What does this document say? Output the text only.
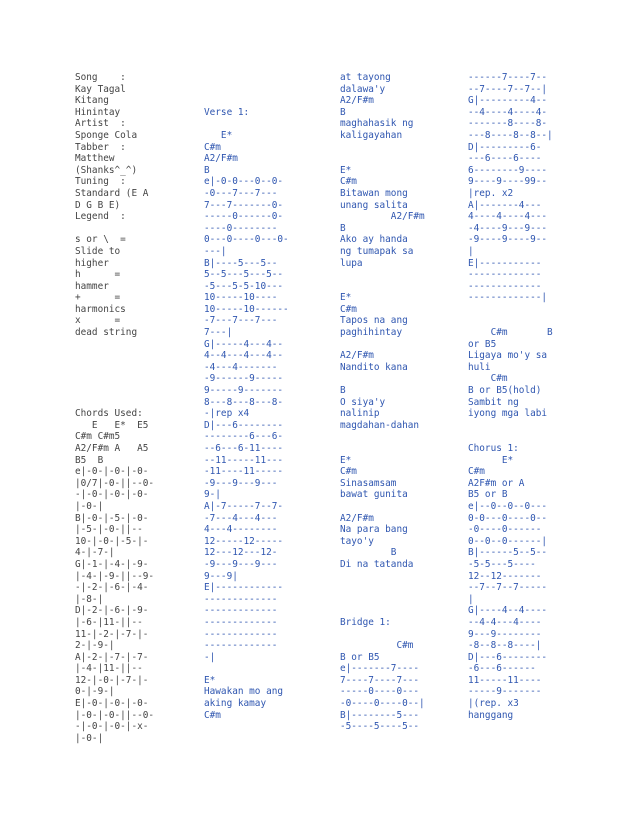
Song    :
Kay Tagal
Kitang
Hinintay
Artist  :
Sponge Cola
Tabber  :
Matthew
(Shanks^_^)
Tuning  :
Standard (E A
D G B E)
Legend  :
s or \  =
Slide to
higher
h      =
hammer
+      =
harmonics
x      =
dead string
Chords Used:
E   E*  E5
C#m C#m5
A2/F#m A   A5
B5  B
e|-0-|-0-|-0-
|0/7|-0-||--0-
-|-0-|-0-|-0-
|-0-|
B|-0-|-5-|-0-
|-5-|-0-||--
10-|-0-|-5-|-
4-|-7-|
G|-1-|-4-|-9-
|-4-|-9-||--9-
-|-2-|-6-|-4-
|-8-|
D|-2-|-6-|-9-
|-6-|11-||--
11-|-2-|-7-|-
2-|-9-|
A|-2-|-7-|-7-
|-4-|11-||--
12-|-0-|-7-|-
0-|-9-|
E|-0-|-0-|-0-
|-0-|-0-||--0-
-|-0-|-0-|-x-
|-0-|
Verse 1:
E*
C#m
A2/F#m
B
e|-0-0---0--0-
-0---7---7---
7---7-------0-
-----0------0-
----0--------
0---0----0---0-
---|
B|----5---5--
5--5---5---5--
-5---5-5-10---
10-----10----
10-----10------
-7---7---7---
7---|
G|-----4---4--
4--4---4---4--
-4---4-------
-9------9-----
9-----9-------
8---8---8---8-
-|rep x4
D|---6--------
--------6---6-
--6---6-11----
--11-----11---
-11----11-----
-9---9---9---
9-|
A|-7-----7--7-
-7---4---4---
4---4--------
12-----12-----
12---12---12-
-9---9---9---
9---9|
E|------------
-------------
-------------
-------------
-------------
-------------
-|
E*
Hawakan mo ang
aking kamay
C#m
at tayong
dalawa'y
A2/F#m
B
maghahasik ng
kaligayahan
E*
C#m
Bitawan mong
unang salita
A2/F#m
B
Ako ay handa
ng tumapak sa
lupa
E*
C#m
Tapos na ang
paghihintay
A2/F#m
Nandito kana
B
O siya'y
nalinip
magdahan-dahan
E*
C#m
Sinasamsam
bawat gunita
A2/F#m
Na para bang
tayo'y
B
Di na tatanda
Bridge 1:
C#m
B or B5
e|-------7----
7----7----7---
-----0----0---
-0----0----0--|
B|--------5---
-5----5----5--
------7----7--
--7----7--7--|
G|---------4--
--4----4----4-
-------8----8-
---8----8--8--|
D|---------6-
---6----6----
6--------9----
9----9----99--
|rep. x2
A|-------4---
4----4----4---
-4----9---9---
-9----9----9--
|
E|-----------
-------------
-------------
-------------|
C#m       B
or B5
Ligaya mo'y sa
huli
C#m
B or B5(hold)
Sambit ng
iyong mga labi
Chorus 1:
E*
C#m
A2F#m or A
B5 or B
e|--0--0--0---
0-0---0----0--
-0----0------
0--0--0------|
B|------5--5--
-5-5---5----
12--12-------
--7--7--7-----
|
G|----4--4----
--4-4---4----
9---9--------
-8--8--8----|
D|---6--------
-6---6------
11-----11----
-----9-------
|(rep. x3
hanggang
